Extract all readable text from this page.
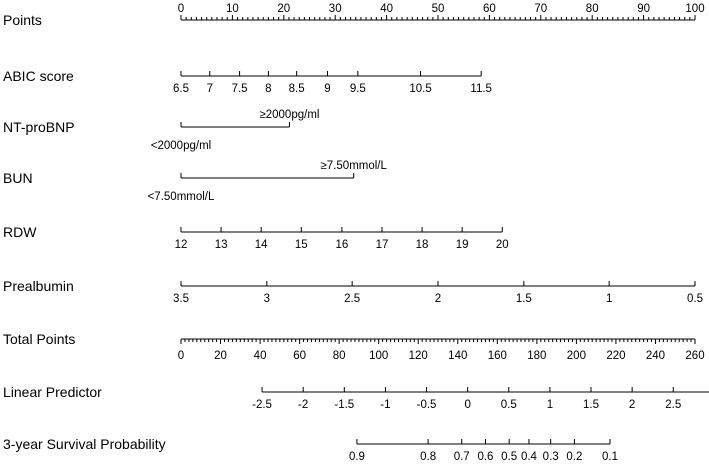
Points
0	10	20	30	40	50	60	70	80	90	100
ABIC score
6.5 7 7.5 8 8.5 9 9.5	10.5	11.5
NT-proBNP
<2000pg/ml
≥2000pg/ml
BUN
<7.50mmol/L
≥7.50mmol/L
RDW
12 13 14 15 16 17 18 19 20
Prealbumin
3.5	3	2.5	2	1.5	1	0.5
Total Points
0	20 40 60 80 100 120 140 160 180 200 220 240 260
Linear Predictor
-2.5 -2 -1.5 -1 -0.5 0	0.5	1	1.5	2	2.5
3-year Survival Probability
0.9	0.8 0.7 0.6 0.5 0.4 0.3 0.2 0.1
